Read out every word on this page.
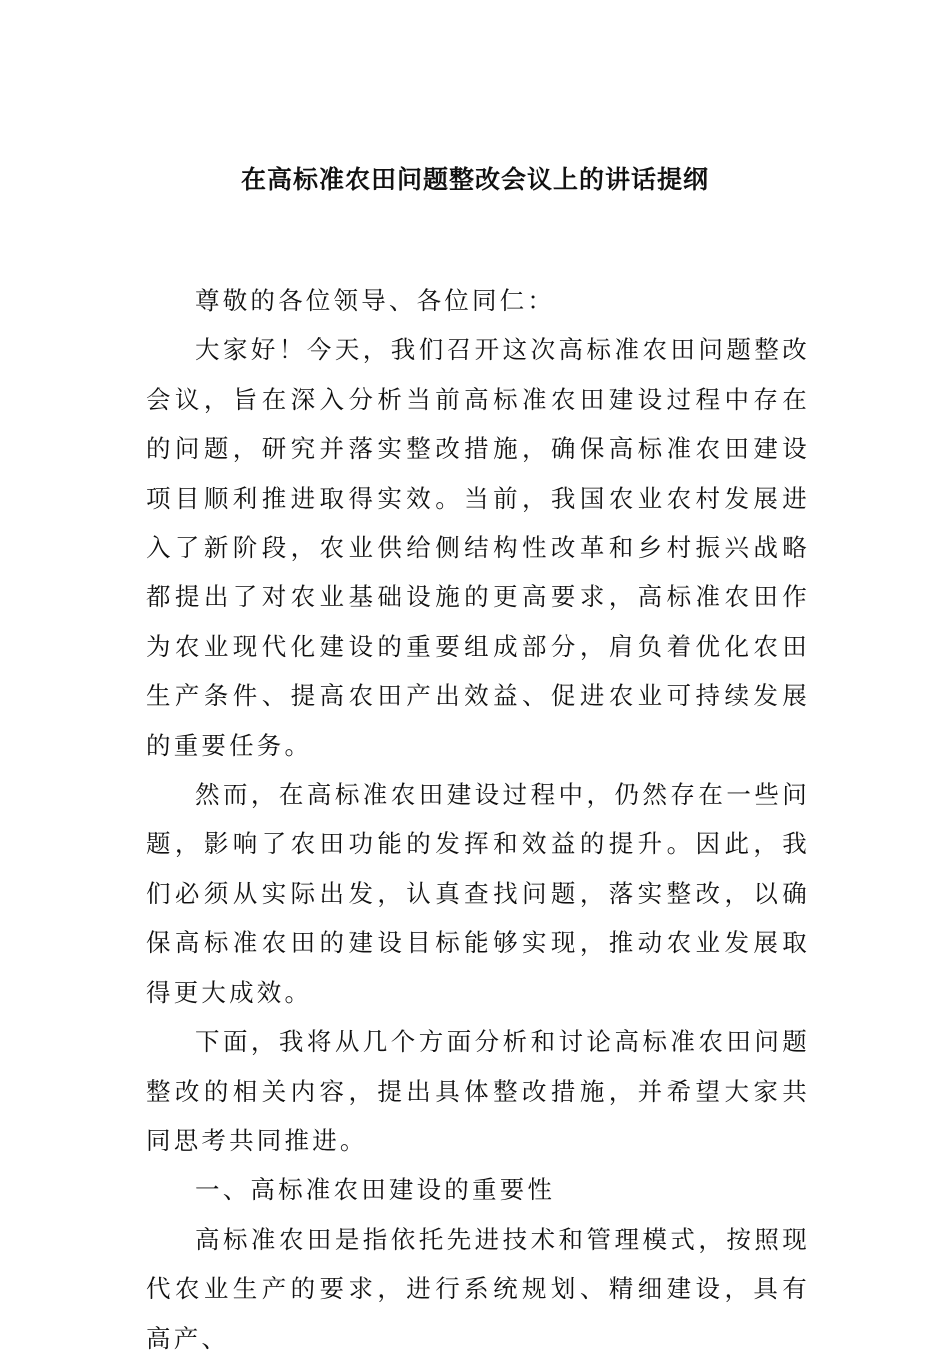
在高标准农田问题整改会议上的讲话提纲

尊敬的各位领导、各位同仁：

大家好！今天，我们召开这次高标准农田问题整改会议，旨在深入分析当前高标准农田建设过程中存在的问题，研究并落实整改措施，确保高标准农田建设项目顺利推进取得实效。当前，我国农业农村发展进入了新阶段，农业供给侧结构性改革和乡村振兴战略都提出了对农业基础设施的更高要求，高标准农田作为农业现代化建设的重要组成部分，肩负着优化农田生产条件、提高农田产出效益、促进农业可持续发展的重要任务。

然而，在高标准农田建设过程中，仍然存在一些问题，影响了农田功能的发挥和效益的提升。因此，我们必须从实际出发，认真查找问题，落实整改，以确保高标准农田的建设目标能够实现，推动农业发展取得更大成效。

下面，我将从几个方面分析和讨论高标准农田问题整改的相关内容，提出具体整改措施，并希望大家共同思考共同推进。

一、高标准农田建设的重要性

高标准农田是指依托先进技术和管理模式，按照现代农业生产的要求，进行系统规划、精细建设，具有高产、
